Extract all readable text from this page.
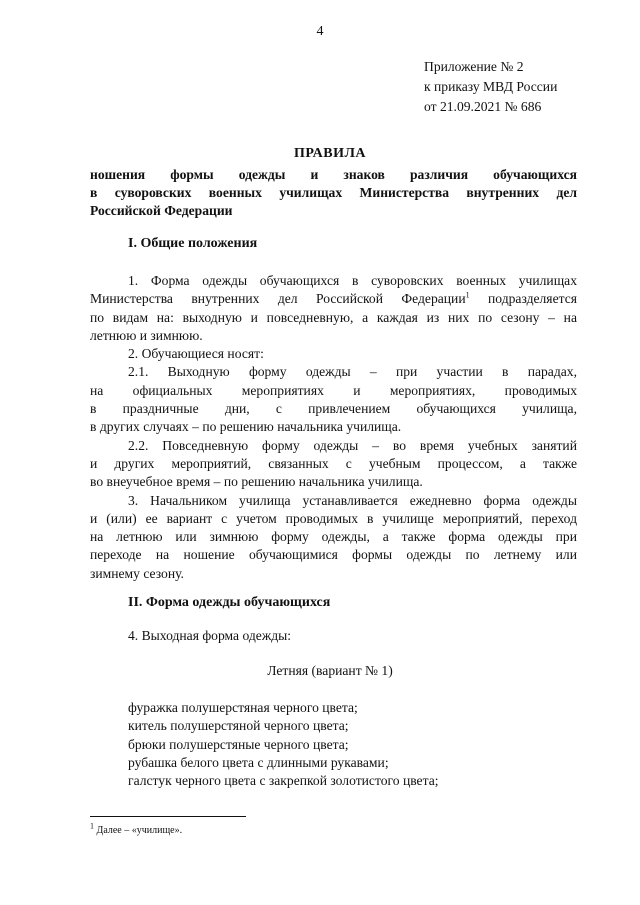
4
Приложение № 2
к приказу МВД России
от 21.09.2021 № 686
ПРАВИЛА
ношения формы одежды и знаков различия обучающихся
в суворовских военных училищах Министерства внутренних дел
Российской Федерации
I. Общие положения
1. Форма одежды обучающихся в суворовских военных училищах
Министерства внутренних дел Российской Федерации$^1$ подразделяется
по видам на: выходную и повседневную, а каждая из них по сезону – на
летнюю и зимнюю.
2. Обучающиеся носят:
2.1. Выходную форму одежды – при участии в парадах,
на официальных мероприятиях и мероприятиях, проводимых
в праздничные дни, с привлечением обучающихся училища,
в других случаях – по решению начальника училища.
2.2. Повседневную форму одежды – во время учебных занятий
и других мероприятий, связанных с учебным процессом, а также
во внеучебное время – по решению начальника училища.
3. Начальником училища устанавливается ежедневно форма одежды
и (или) ее вариант с учетом проводимых в училище мероприятий, переход
на летнюю или зимнюю форму одежды, а также форма одежды при
переходе на ношение обучающимися формы одежды по летнему или
зимнему сезону.
II. Форма одежды обучающихся
4. Выходная форма одежды:
Летняя (вариант № 1)
фуражка полушерстяная черного цвета;
китель полушерстяной черного цвета;
брюки полушерстяные черного цвета;
рубашка белого цвета с длинными рукавами;
галстук черного цвета с закрепкой золотистого цвета;
$^1$ Далее – «училище».
